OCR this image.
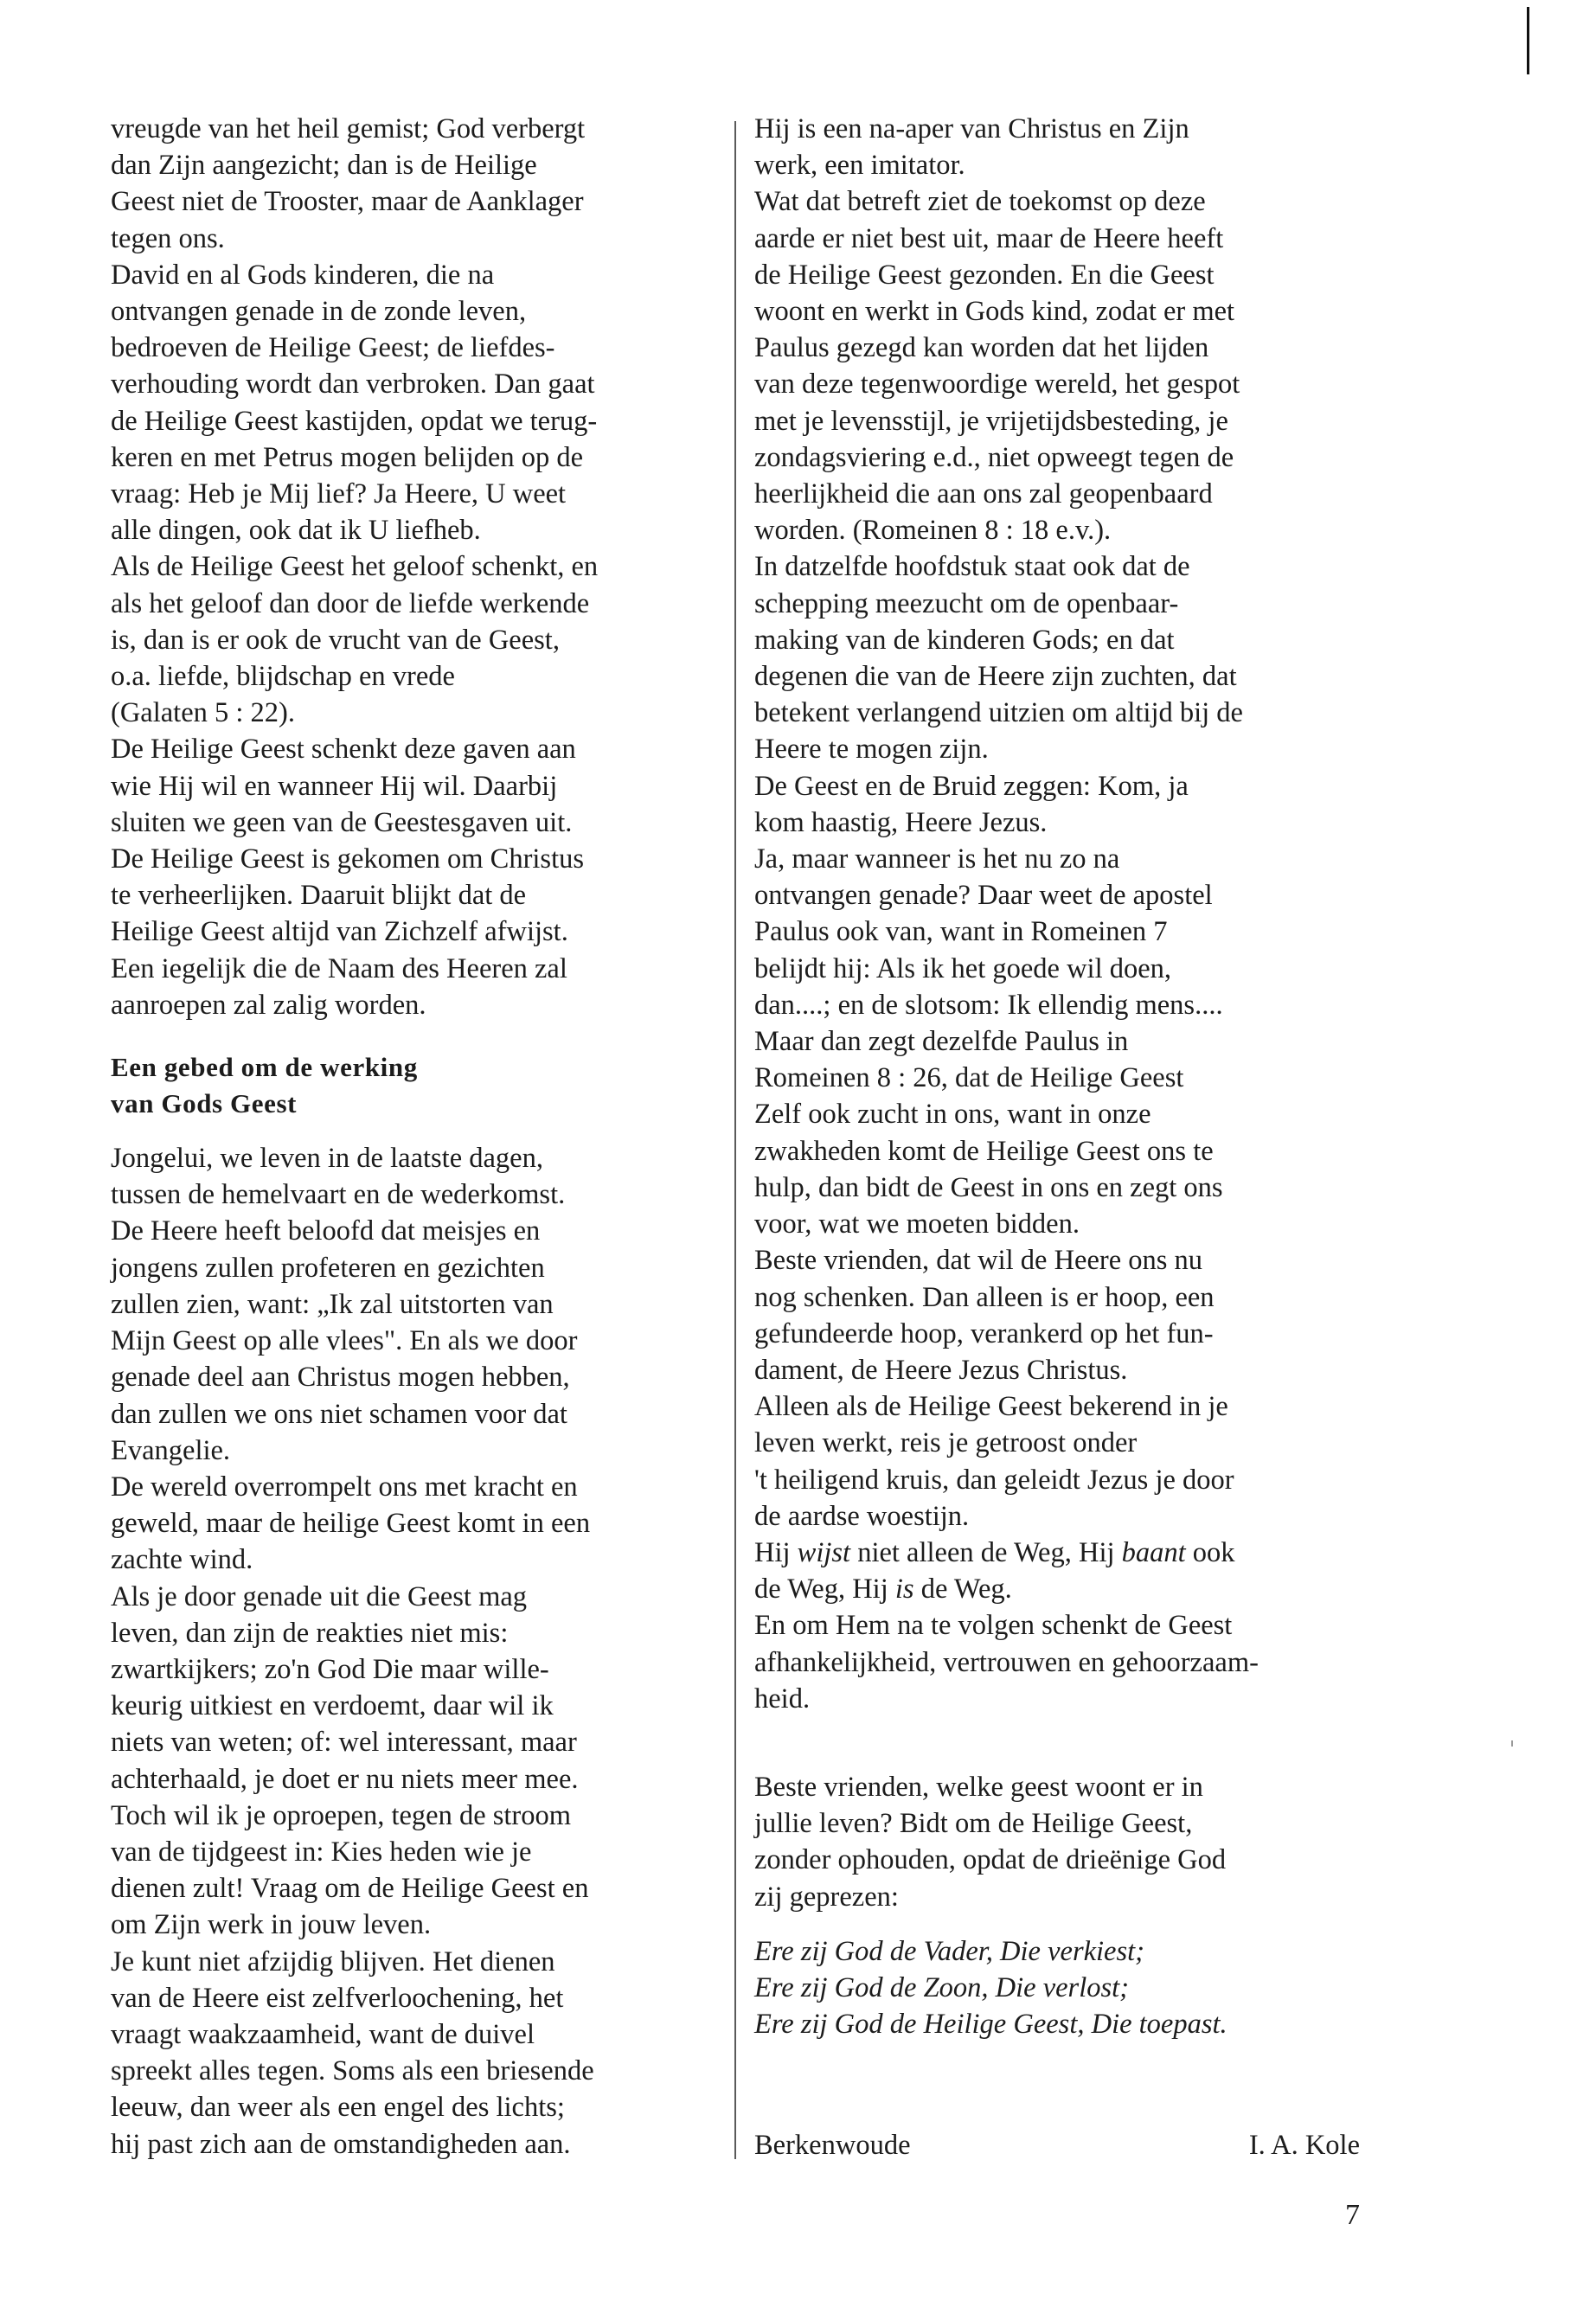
vreugde van het heil gemist; God verbergt

dan Zijn aangezicht; dan is de Heilige

Geest niet de Trooster, maar de Aanklager

tegen ons.

David en al Gods kinderen, die na

ontvangen genade in de zonde leven,

bedroeven de Heilige Geest; de liefdes-

verhouding wordt dan verbroken. Dan gaat

de Heilige Geest kastijden, opdat we terug-

keren en met Petrus mogen belijden op de

vraag: Heb je Mij lief? Ja Heere, U weet

alle dingen, ook dat ik U liefheb.

Als de Heilige Geest het geloof schenkt, en

als het geloof dan door de liefde werkende

is, dan is er ook de vrucht van de Geest,

o.a. liefde, blijdschap en vrede

(Galaten 5 : 22).

De Heilige Geest schenkt deze gaven aan

wie Hij wil en wanneer Hij wil. Daarbij

sluiten we geen van de Geestesgaven uit.

De Heilige Geest is gekomen om Christus

te verheerlijken. Daaruit blijkt dat de

Heilige Geest altijd van Zichzelf afwijst.

Een iegelijk die de Naam des Heeren zal

aanroepen zal zalig worden.

Een gebed om de werking
van Gods Geest

Jongelui, we leven in de laatste dagen,

tussen de hemelvaart en de wederkomst.

De Heere heeft beloofd dat meisjes en

jongens zullen profeteren en gezichten

zullen zien, want: „Ik zal uitstorten van

Mijn Geest op alle vlees". En als we door

genade deel aan Christus mogen hebben,

dan zullen we ons niet schamen voor dat

Evangelie.

De wereld overrompelt ons met kracht en

geweld, maar de heilige Geest komt in een

zachte wind.

Als je door genade uit die Geest mag

leven, dan zijn de reakties niet mis:

zwartkijkers; zo'n God Die maar wille-

keurig uitkiest en verdoemt, daar wil ik

niets van weten; of: wel interessant, maar

achterhaald, je doet er nu niets meer mee.

Toch wil ik je oproepen, tegen de stroom

van de tijdgeest in: Kies heden wie je

dienen zult! Vraag om de Heilige Geest en

om Zijn werk in jouw leven.

Je kunt niet afzijdig blijven. Het dienen

van de Heere eist zelfverloochening, het

vraagt waakzaamheid, want de duivel

spreekt alles tegen. Soms als een briesende

leeuw, dan weer als een engel des lichts;

hij past zich aan de omstandigheden aan.

Hij is een na-aper van Christus en Zijn

werk, een imitator.

Wat dat betreft ziet de toekomst op deze

aarde er niet best uit, maar de Heere heeft

de Heilige Geest gezonden. En die Geest

woont en werkt in Gods kind, zodat er met

Paulus gezegd kan worden dat het lijden

van deze tegenwoordige wereld, het gespot

met je levensstijl, je vrijetijdsbesteding, je

zondagsviering e.d., niet opweegt tegen de

heerlijkheid die aan ons zal geopenbaard

worden. (Romeinen 8 : 18 e.v.).

In datzelfde hoofdstuk staat ook dat de

schepping meezucht om de openbaar-

making van de kinderen Gods; en dat

degenen die van de Heere zijn zuchten, dat

betekent verlangend uitzien om altijd bij de

Heere te mogen zijn.

De Geest en de Bruid zeggen: Kom, ja

kom haastig, Heere Jezus.

Ja, maar wanneer is het nu zo na

ontvangen genade? Daar weet de apostel

Paulus ook van, want in Romeinen 7

belijdt hij: Als ik het goede wil doen,

dan....; en de slotsom: Ik ellendig mens....

Maar dan zegt dezelfde Paulus in

Romeinen 8 : 26, dat de Heilige Geest

Zelf ook zucht in ons, want in onze

zwakheden komt de Heilige Geest ons te

hulp, dan bidt de Geest in ons en zegt ons

voor, wat we moeten bidden.

Beste vrienden, dat wil de Heere ons nu

nog schenken. Dan alleen is er hoop, een

gefundeerde hoop, verankerd op het fun-

dament, de Heere Jezus Christus.

Alleen als de Heilige Geest bekerend in je

leven werkt, reis je getroost onder

't heiligend kruis, dan geleidt Jezus je door

de aardse woestijn.

Hij wijst niet alleen de Weg, Hij baant ook

de Weg, Hij is de Weg.

En om Hem na te volgen schenkt de Geest

afhankelijkheid, vertrouwen en gehoorzaam-

heid.

Beste vrienden, welke geest woont er in

jullie leven? Bidt om de Heilige Geest,

zonder ophouden, opdat de drieënige God

zij geprezen:

Ere zij God de Vader, Die verkiest;

Ere zij God de Zoon, Die verlost;

Ere zij God de Heilige Geest, Die toepast.

Berkenwoude	I. A. Kole
7
